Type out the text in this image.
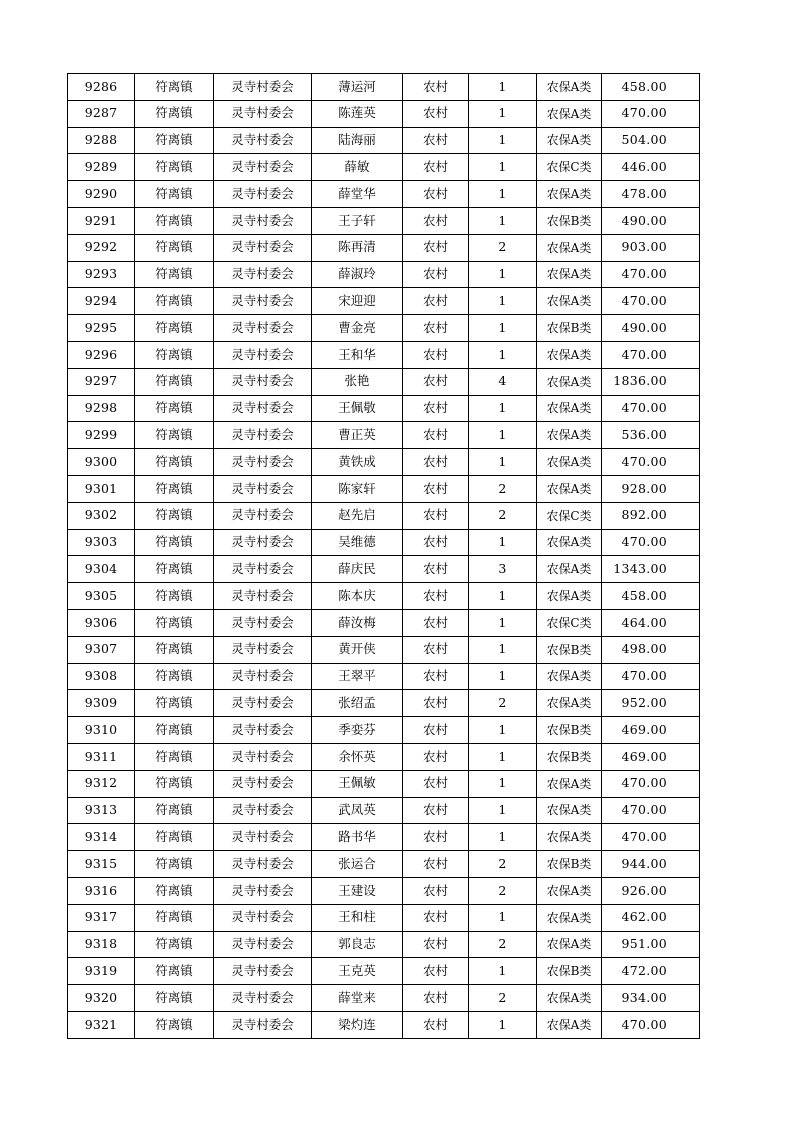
9286	符离镇	灵寺村委会	薄运河	农村	1	农保A类	458.00
9287	符离镇	灵寺村委会	陈莲英	农村	1	农保A类	470.00
9288	符离镇	灵寺村委会	陆海丽	农村	1	农保A类	504.00
9289	符离镇	灵寺村委会	薛敏	农村	1	农保C类	446.00
9290	符离镇	灵寺村委会	薛堂华	农村	1	农保A类	478.00
9291	符离镇	灵寺村委会	王子轩	农村	1	农保B类	490.00
9292	符离镇	灵寺村委会	陈再清	农村	2	农保A类	903.00
9293	符离镇	灵寺村委会	薛淑玲	农村	1	农保A类	470.00
9294	符离镇	灵寺村委会	宋迎迎	农村	1	农保A类	470.00
9295	符离镇	灵寺村委会	曹金亮	农村	1	农保B类	490.00
9296	符离镇	灵寺村委会	王和华	农村	1	农保A类	470.00
9297	符离镇	灵寺村委会	张艳	农村	4	农保A类	1836.00
9298	符离镇	灵寺村委会	王佩敬	农村	1	农保A类	470.00
9299	符离镇	灵寺村委会	曹正英	农村	1	农保A类	536.00
9300	符离镇	灵寺村委会	黄铁成	农村	1	农保A类	470.00
9301	符离镇	灵寺村委会	陈家轩	农村	2	农保A类	928.00
9302	符离镇	灵寺村委会	赵先启	农村	2	农保C类	892.00
9303	符离镇	灵寺村委会	吴维德	农村	1	农保A类	470.00
9304	符离镇	灵寺村委会	薛庆民	农村	3	农保A类	1343.00
9305	符离镇	灵寺村委会	陈本庆	农村	1	农保A类	458.00
9306	符离镇	灵寺村委会	薛汝梅	农村	1	农保C类	464.00
9307	符离镇	灵寺村委会	黄开侠	农村	1	农保B类	498.00
9308	符离镇	灵寺村委会	王翠平	农村	1	农保A类	470.00
9309	符离镇	灵寺村委会	张绍孟	农村	2	农保A类	952.00
9310	符离镇	灵寺村委会	季娈芬	农村	1	农保B类	469.00
9311	符离镇	灵寺村委会	余怀英	农村	1	农保B类	469.00
9312	符离镇	灵寺村委会	王佩敏	农村	1	农保A类	470.00
9313	符离镇	灵寺村委会	武凤英	农村	1	农保A类	470.00
9314	符离镇	灵寺村委会	路书华	农村	1	农保A类	470.00
9315	符离镇	灵寺村委会	张运合	农村	2	农保B类	944.00
9316	符离镇	灵寺村委会	王建设	农村	2	农保A类	926.00
9317	符离镇	灵寺村委会	王和柱	农村	1	农保A类	462.00
9318	符离镇	灵寺村委会	郭良志	农村	2	农保A类	951.00
9319	符离镇	灵寺村委会	王克英	农村	1	农保B类	472.00
9320	符离镇	灵寺村委会	薛堂来	农村	2	农保A类	934.00
9321	符离镇	灵寺村委会	梁灼连	农村	1	农保A类	470.00
